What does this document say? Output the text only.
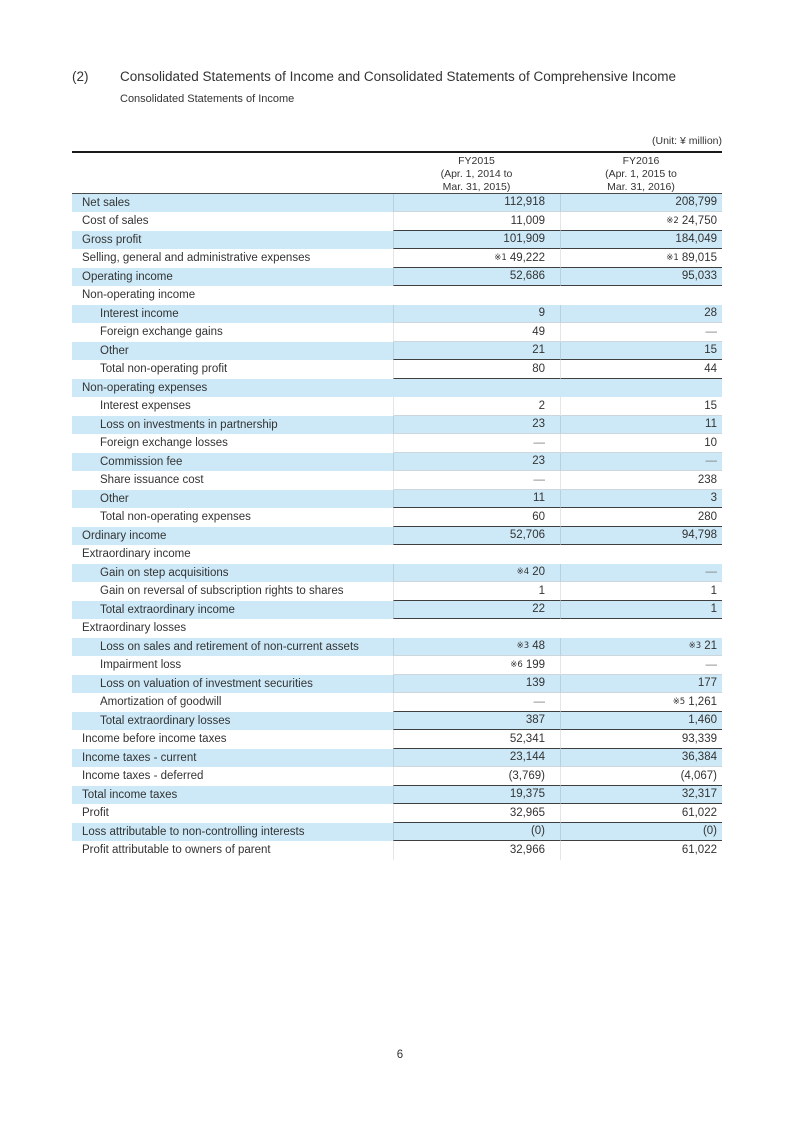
(2)	Consolidated Statements of Income and Consolidated Statements of Comprehensive Income
Consolidated Statements of Income
(Unit: ¥ million)
FY2015
(Apr. 1, 2014 to
Mar. 31, 2015)
FY2016
(Apr. 1, 2015 to
Mar. 31, 2016)
Net sales	112,918	208,799
Cost of sales	11,009	※2 24,750
Gross profit	101,909	184,049
Selling, general and administrative expenses	※1 49,222	※1 89,015
Operating income	52,686	95,033
Non-operating income
Interest income	9	28
Foreign exchange gains	49	—
Other	21	15
Total non-operating profit	80	44
Non-operating expenses
Interest expenses	2	15
Loss on investments in partnership	23	11
Foreign exchange losses	—	10
Commission fee	23	—
Share issuance cost	—	238
Other	11	3
Total non-operating expenses	60	280
Ordinary income	52,706	94,798
Extraordinary income
Gain on step acquisitions	※4 20	—
Gain on reversal of subscription rights to shares	1	1
Total extraordinary income	22	1
Extraordinary losses
Loss on sales and retirement of non-current assets	※3 48	※3 21
Impairment loss	※6 199	—
Loss on valuation of investment securities	139	177
Amortization of goodwill	—	※5 1,261
Total extraordinary losses	387	1,460
Income before income taxes	52,341	93,339
Income taxes - current	23,144	36,384
Income taxes - deferred	(3,769)	(4,067)
Total income taxes	19,375	32,317
Profit	32,965	61,022
Loss attributable to non-controlling interests	(0)	(0)
Profit attributable to owners of parent	32,966	61,022
6
